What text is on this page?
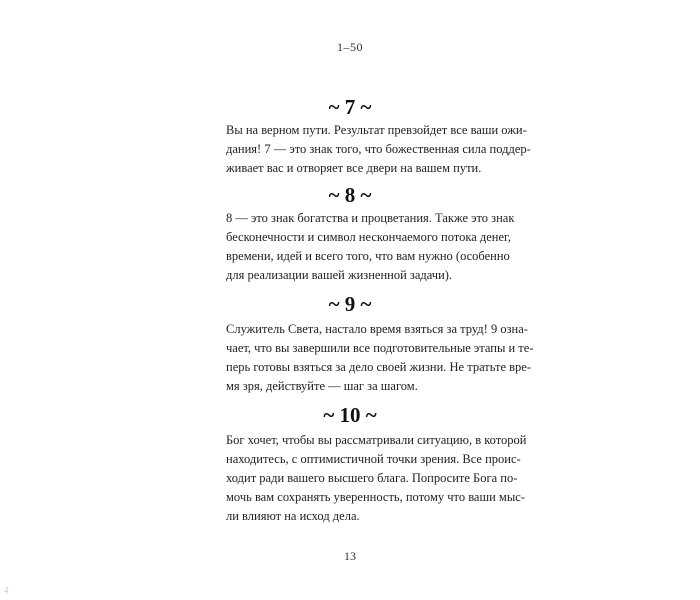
1–50
~ 7 ~

Вы на верном пути. Результат превзойдет все ваши ожи-
дания! 7 — это знак того, что божественная сила поддер-
живает вас и отворяет все двери на вашем пути.

~ 8 ~

8 — это знак богатства и процветания. Также это знак
бесконечности и символ нескончаемого потока денег,
времени, идей и всего того, что вам нужно (особенно
для реализации вашей жизненной задачи).

~ 9 ~

Служитель Света, настало время взяться за труд! 9 озна-
чает, что вы завершили все подготовительные этапы и те-
перь готовы взяться за дело своей жизни. Не тратьте вре-
мя зря, действуйте — шаг за шагом.

~ 10 ~

Бог хочет, чтобы вы рассматривали ситуацию, в которой
находитесь, с оптимистичной точки зрения. Все проис-
ходит ради вашего высшего блага. Попросите Бога по-
мочь вам сохранять уверенность, потому что ваши мыс-
ли влияют на исход дела.

13
4
